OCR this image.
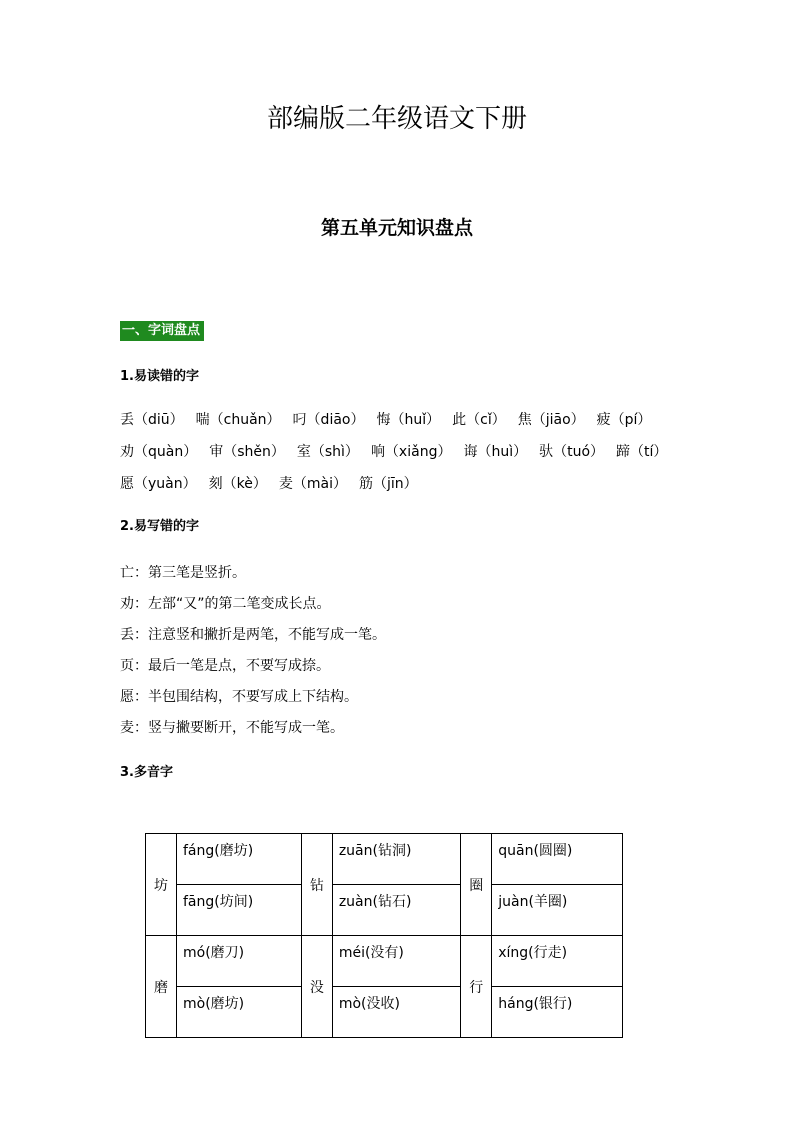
部编版二年级语文下册
第五单元知识盘点
一、字词盘点
1.易读错的字
丢（diū） 喘（chuǎn） 叼（diāo） 悔（huǐ） 此（cǐ） 焦（jiāo） 疲（pí）
劝（quàn） 审（shěn） 室（shì） 响（xiǎng） 诲（huì） 驮（tuó） 蹄（tí）
愿（yuàn） 刻（kè） 麦（mài） 筋（jīn）
2.易写错的字
亡：第三笔是竖折。
劝：左部“又”的第二笔变成长点。
丢：注意竖和撇折是两笔，不能写成一笔。
页：最后一笔是点，不要写成捺。
愿：半包围结构，不要写成上下结构。
麦：竖与撇要断开，不能写成一笔。
3.多音字
坊	fáng(磨坊)	钻	zuān(钻洞)	圈	quān(圆圈)
	fāng(坊间)		zuàn(钻石)		juàn(羊圈)
磨	mó(磨刀)	没	méi(没有)	行	xíng(行走)
	mò(磨坊)		mò(没收)		háng(银行)
